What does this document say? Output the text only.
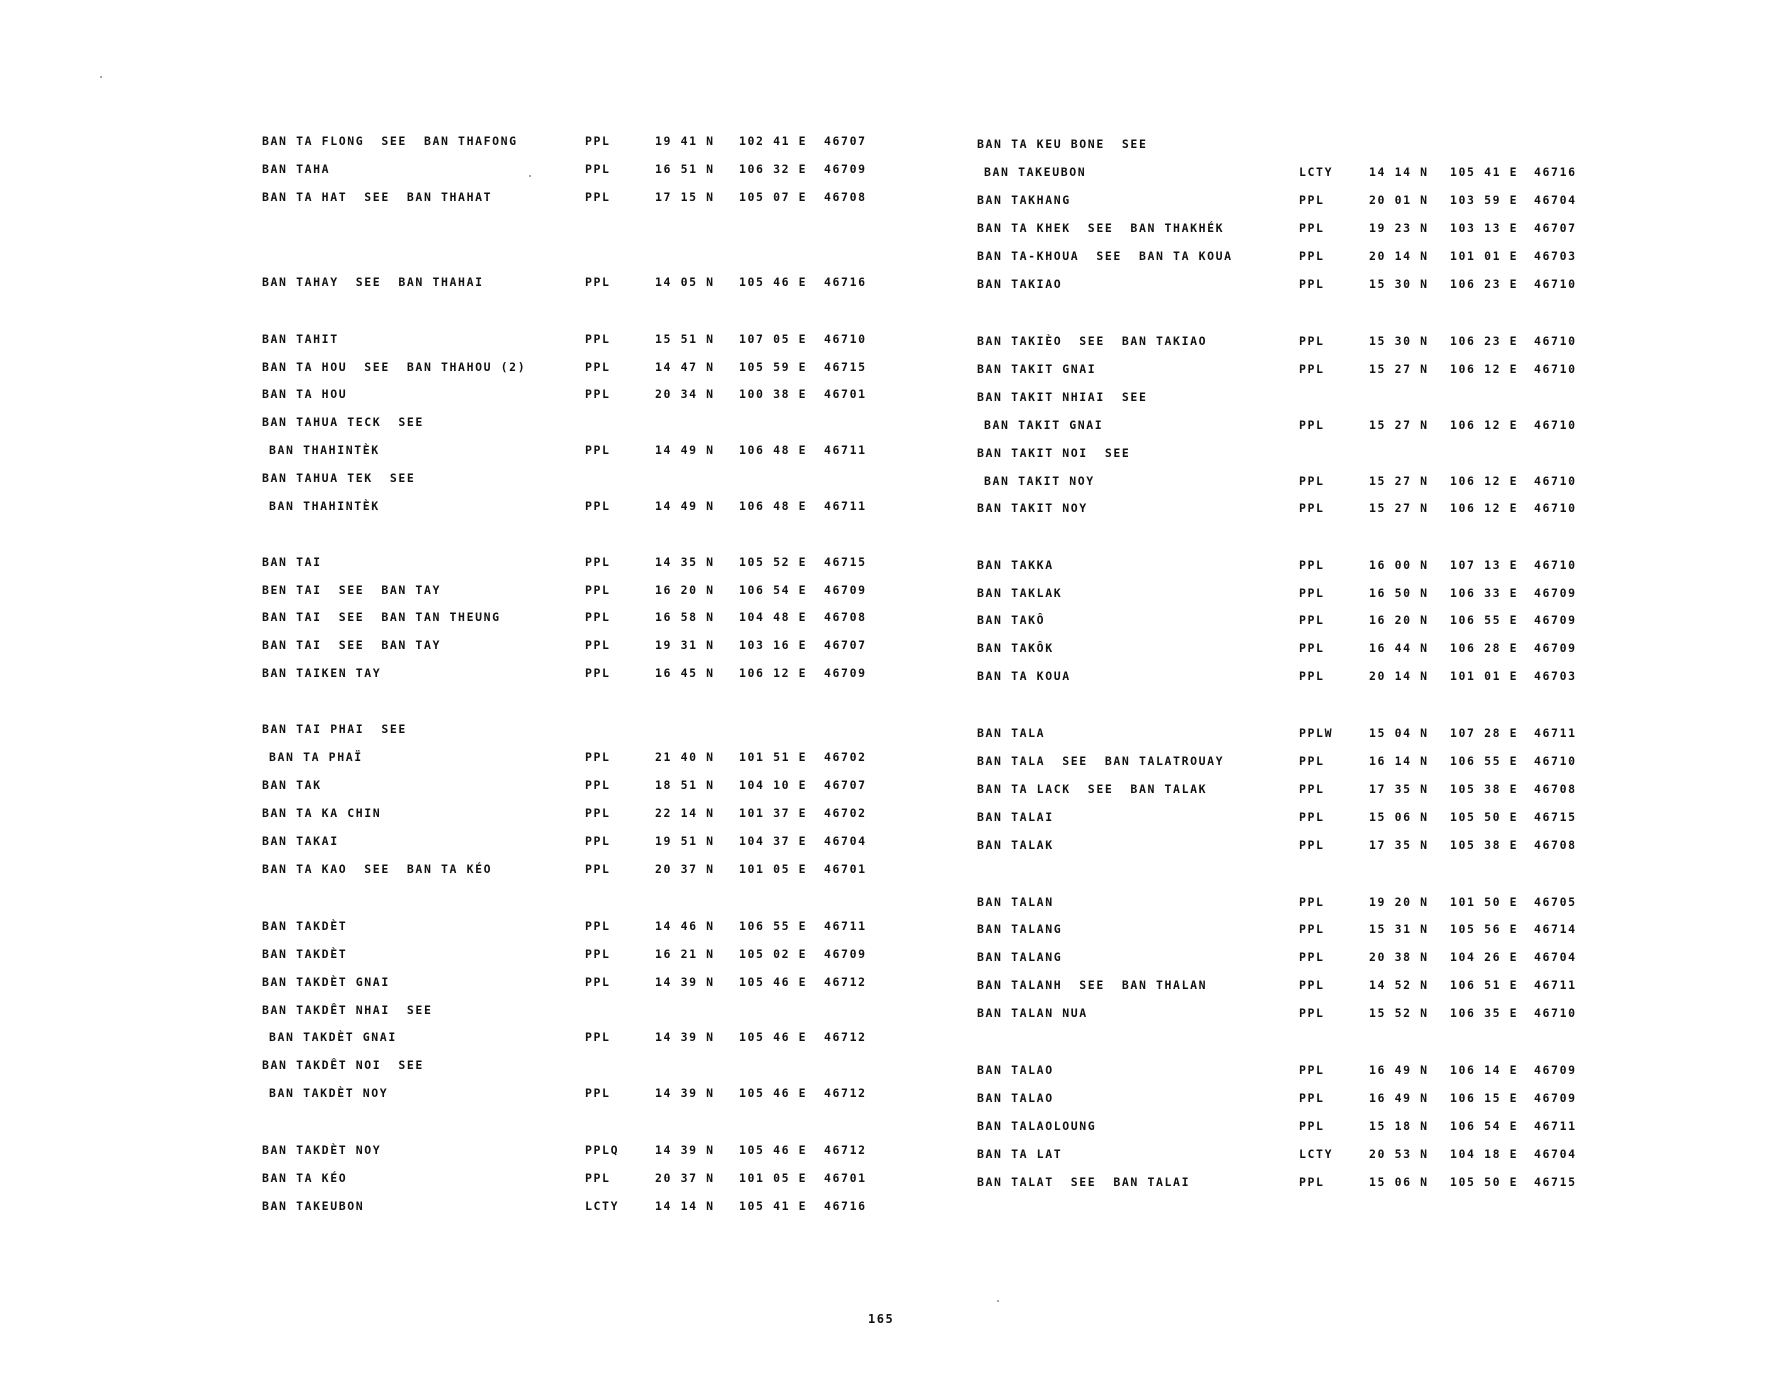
BAN TA FLONG  SEE  BAN THAFONG	PPL	19 41 N 102 41 E 46707
BAN TAHA	PPL	16 51 N 106 32 E 46709
BAN TA HAT  SEE  BAN THAHAT	PPL	17 15 N 105 07 E 46708
BAN TAHAY  SEE  BAN THAHAI	PPL	14 05 N 105 46 E 46716
BAN TAHIT	PPL	15 51 N 107 05 E 46710
BAN TA HOU  SEE  BAN THAHOU (2)	PPL	14 47 N 105 59 E 46715
BAN TA HOU	PPL	20 34 N 100 38 E 46701
BAN TAHUA TECK  SEE
BAN THAHINTÈK	PPL	14 49 N 106 48 E 46711
BAN TAHUA TEK  SEE
BAN THAHINTÈK	PPL	14 49 N 106 48 E 46711
BAN TAI	PPL	14 35 N 105 52 E 46715
BEN TAI  SEE  BAN TAY	PPL	16 20 N 106 54 E 46709
BAN TAI  SEE  BAN TAN THEUNG	PPL	16 58 N 104 48 E 46708
BAN TAI  SEE  BAN TAY	PPL	19 31 N 103 16 E 46707
BAN TAIKEN TAY	PPL	16 45 N 106 12 E 46709
BAN TAI PHAI  SEE
BAN TA PHAÏ	PPL	21 40 N 101 51 E 46702
BAN TAK	PPL	18 51 N 104 10 E 46707
BAN TA KA CHIN	PPL	22 14 N 101 37 E 46702
BAN TAKAI	PPL	19 51 N 104 37 E 46704
BAN TA KAO  SEE  BAN TA KÉO	PPL	20 37 N 101 05 E 46701
BAN TAKDÈT	PPL	14 46 N 106 55 E 46711
BAN TAKDÈT	PPL	16 21 N 105 02 E 46709
BAN TAKDÈT GNAI	PPL	14 39 N 105 46 E 46712
BAN TAKDÊT NHAI  SEE
BAN TAKDÈT GNAI	PPL	14 39 N 105 46 E 46712
BAN TAKDÊT NOI  SEE
BAN TAKDÈT NOY	PPL	14 39 N 105 46 E 46712
BAN TAKDÈT NOY	PPLQ	14 39 N 105 46 E 46712
BAN TA KÉO	PPL	20 37 N 101 05 E 46701
BAN TAKEUBON	LCTY	14 14 N 105 41 E 46716
BAN TA KEU BONE  SEE
BAN TAKEUBON	LCTY	14 14 N 105 41 E 46716
BAN TAKHANG	PPL	20 01 N 103 59 E 46704
BAN TA KHEK  SEE  BAN THAKHÉK	PPL	19 23 N 103 13 E 46707
BAN TA-KHOUA  SEE  BAN TA KOUA	PPL	20 14 N 101 01 E 46703
BAN TAKIAO	PPL	15 30 N 106 23 E 46710
BAN TAKIÈO  SEE  BAN TAKIAO	PPL	15 30 N 106 23 E 46710
BAN TAKIT GNAI	PPL	15 27 N 106 12 E 46710
BAN TAKIT NHIAI  SEE
BAN TAKIT GNAI	PPL	15 27 N 106 12 E 46710
BAN TAKIT NOI  SEE
BAN TAKIT NOY	PPL	15 27 N 106 12 E 46710
BAN TAKIT NOY	PPL	15 27 N 106 12 E 46710
BAN TAKKA	PPL	16 00 N 107 13 E 46710
BAN TAKLAK	PPL	16 50 N 106 33 E 46709
BAN TAKÔ	PPL	16 20 N 106 55 E 46709
BAN TAKÔK	PPL	16 44 N 106 28 E 46709
BAN TA KOUA	PPL	20 14 N 101 01 E 46703
BAN TALA	PPLW	15 04 N 107 28 E 46711
BAN TALA  SEE  BAN TALATROUAY	PPL	16 14 N 106 55 E 46710
BAN TA LACK  SEE  BAN TALAK	PPL	17 35 N 105 38 E 46708
BAN TALAI	PPL	15 06 N 105 50 E 46715
BAN TALAK	PPL	17 35 N 105 38 E 46708
BAN TALAN	PPL	19 20 N 101 50 E 46705
BAN TALANG	PPL	15 31 N 105 56 E 46714
BAN TALANG	PPL	20 38 N 104 26 E 46704
BAN TALANH  SEE  BAN THALAN	PPL	14 52 N 106 51 E 46711
BAN TALAN NUA	PPL	15 52 N 106 35 E 46710
BAN TALAO	PPL	16 49 N 106 14 E 46709
BAN TALAO	PPL	16 49 N 106 15 E 46709
BAN TALAOLOUNG	PPL	15 18 N 106 54 E 46711
BAN TA LAT	LCTY	20 53 N 104 18 E 46704
BAN TALAT  SEE  BAN TALAI	PPL	15 06 N 105 50 E 46715
165
